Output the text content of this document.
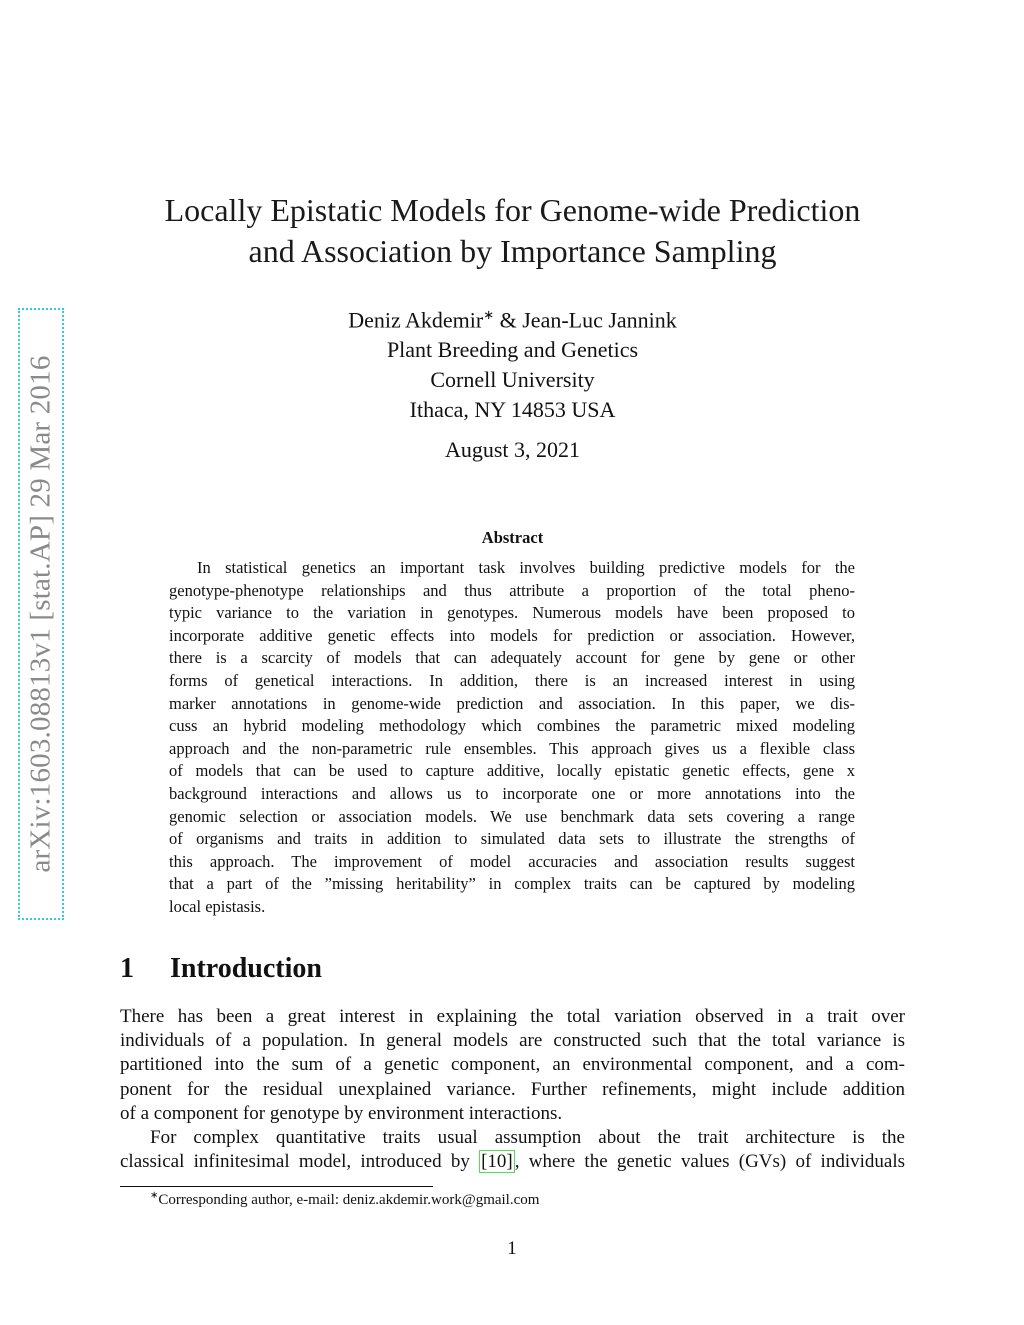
arXiv:1603.08813v1 [stat.AP] 29 Mar 2016
Locally Epistatic Models for Genome-wide Prediction
and Association by Importance Sampling
Deniz Akdemir∗ & Jean-Luc Jannink
Plant Breeding and Genetics
Cornell University
Ithaca, NY 14853 USA
August 3, 2021
Abstract
In statistical genetics an important task involves building predictive models for the
genotype-phenotype relationships and thus attribute a proportion of the total pheno-
typic variance to the variation in genotypes. Numerous models have been proposed to
incorporate additive genetic effects into models for prediction or association. However,
there is a scarcity of models that can adequately account for gene by gene or other
forms of genetical interactions. In addition, there is an increased interest in using
marker annotations in genome-wide prediction and association. In this paper, we dis-
cuss an hybrid modeling methodology which combines the parametric mixed modeling
approach and the non-parametric rule ensembles. This approach gives us a flexible class
of models that can be used to capture additive, locally epistatic genetic effects, gene x
background interactions and allows us to incorporate one or more annotations into the
genomic selection or association models. We use benchmark data sets covering a range
of organisms and traits in addition to simulated data sets to illustrate the strengths of
this approach. The improvement of model accuracies and association results suggest
that a part of the ”missing heritability” in complex traits can be captured by modeling
local epistasis.
1 Introduction
There has been a great interest in explaining the total variation observed in a trait over
individuals of a population. In general models are constructed such that the total variance is
partitioned into the sum of a genetic component, an environmental component, and a com-
ponent for the residual unexplained variance. Further refinements, might include addition
of a component for genotype by environment interactions.
For complex quantitative traits usual assumption about the trait architecture is the
classical infinitesimal model, introduced by [10] , where the genetic values (GVs) of individuals
∗Corresponding author, e-mail: deniz.akdemir.work@gmail.com
1
